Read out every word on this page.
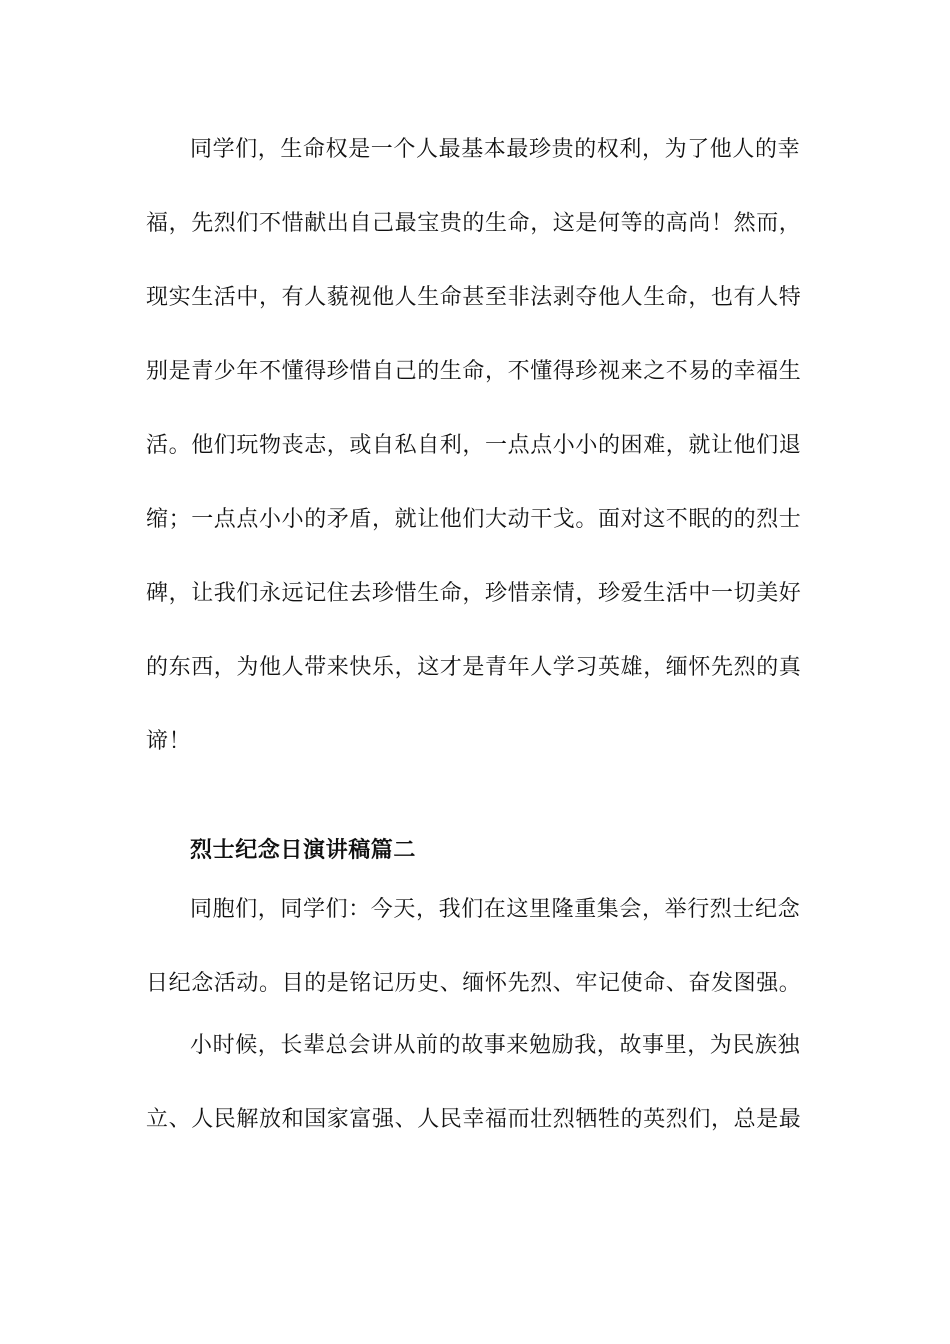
同学们，生命权是一个人最基本最珍贵的权利，为了他人的幸
福，先烈们不惜献出自己最宝贵的生命，这是何等的高尚！然而，
现实生活中，有人藐视他人生命甚至非法剥夺他人生命，也有人特
别是青少年不懂得珍惜自己的生命，不懂得珍视来之不易的幸福生
活。他们玩物丧志，或自私自利，一点点小小的困难，就让他们退
缩；一点点小小的矛盾，就让他们大动干戈。面对这不眠的的烈士
碑，让我们永远记住去珍惜生命，珍惜亲情，珍爱生活中一切美好
的东西，为他人带来快乐，这才是青年人学习英雄，缅怀先烈的真
谛！
烈士纪念日演讲稿篇二
同胞们，同学们：今天，我们在这里隆重集会，举行烈士纪念
日纪念活动。目的是铭记历史、缅怀先烈、牢记使命、奋发图强。
小时候，长辈总会讲从前的故事来勉励我，故事里，为民族独
立、人民解放和国家富强、人民幸福而壮烈牺牲的英烈们，总是最
